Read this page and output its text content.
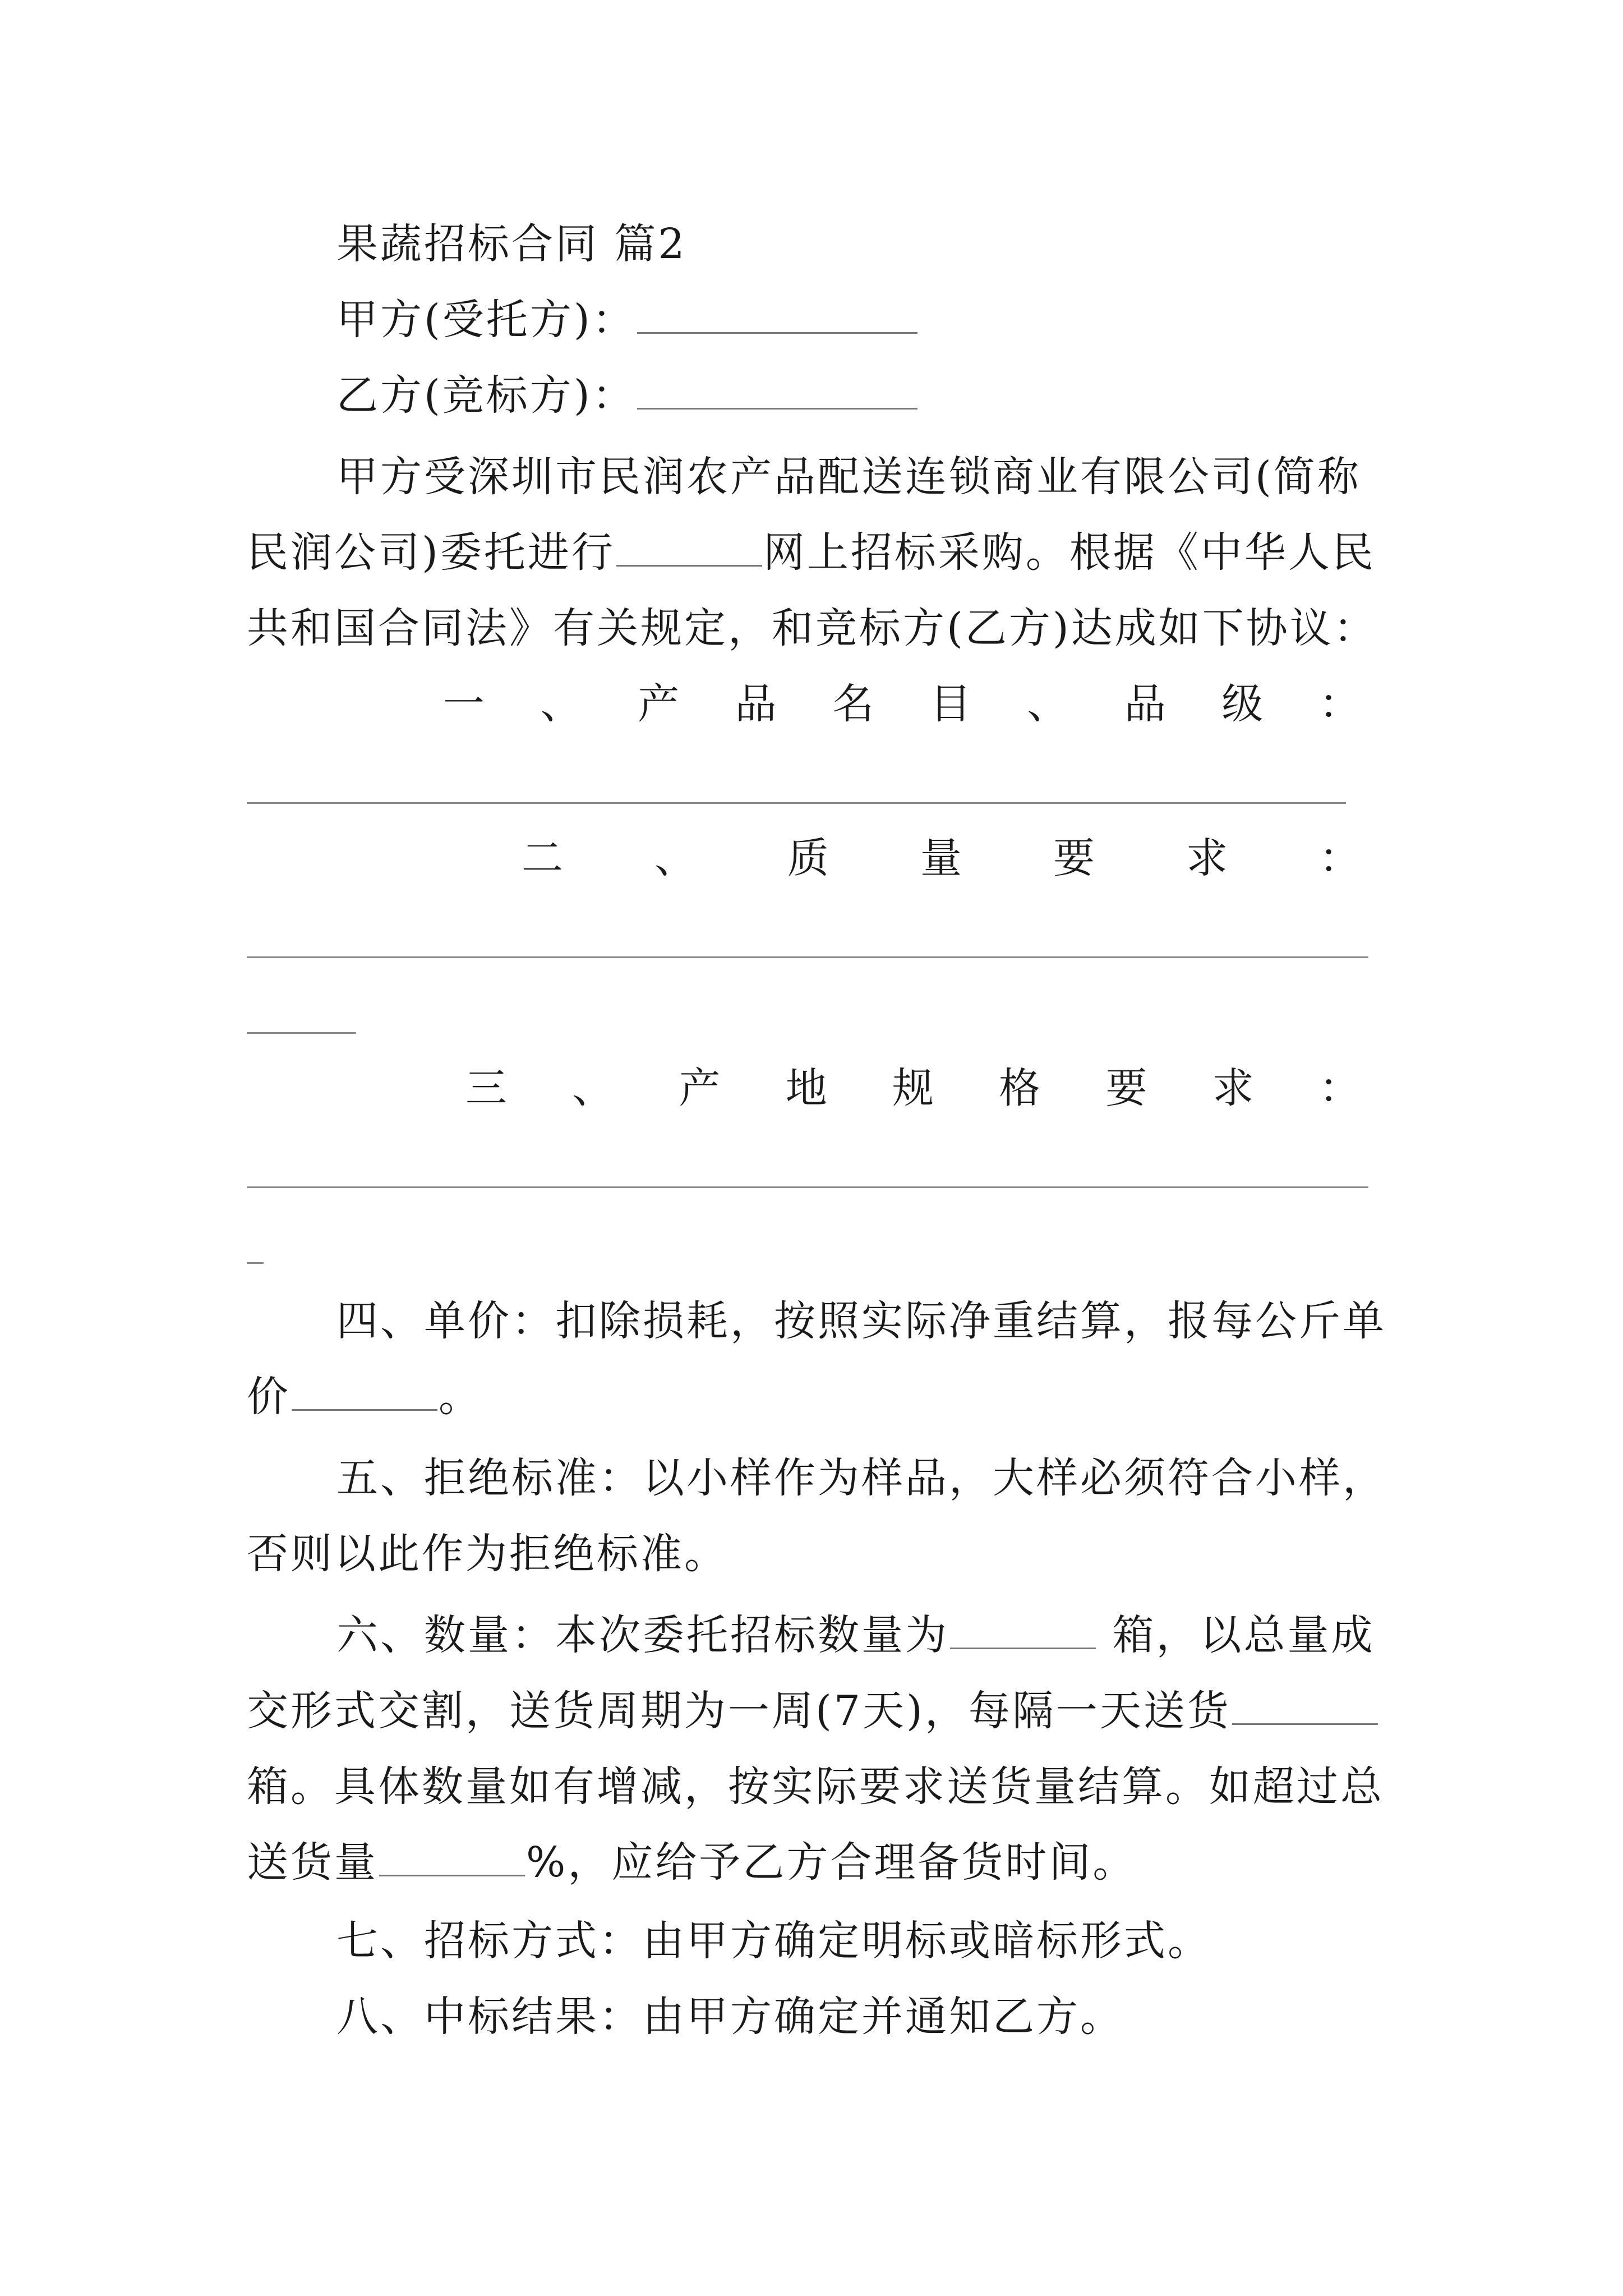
果蔬招标合同 篇2
甲方(受托方)：
乙方(竞标方)：
甲方受深圳市民润农产品配送连锁商业有限公司(简称
民润公司)委托进行	网上招标采购。根据《中华人民
共和国合同法》有关规定，和竞标方(乙方)达成如下协议：
一 、 产 品 名 目 、 品 级 ：
二 、 质 量 要 求 ：
三 、 产 地 规 格 要 求 ：
四、单价：扣除损耗，按照实际净重结算，报每公斤单
价	。
五、拒绝标准：以小样作为样品，大样必须符合小样，
否则以此作为拒绝标准。
六、数量：本次委托招标数量为	箱，以总量成
交形式交割，送货周期为一周(7天)，每隔一天送货
箱。具体数量如有增减，按实际要求送货量结算。如超过总
送货量	%，应给予乙方合理备货时间。
七、招标方式：由甲方确定明标或暗标形式。
八、中标结果：由甲方确定并通知乙方。
